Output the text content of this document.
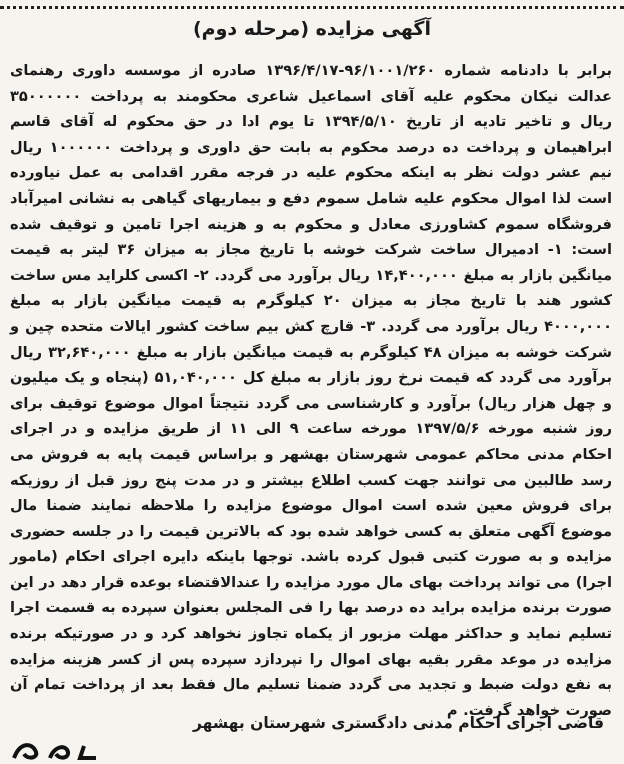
آگهی مزایده (مرحله دوم)
برابر با دادنامه شماره ۹۶/۱۰۰۱/۲۶۰-۱۳۹۶/۴/۱۷ صادره از موسسه داوری رهنمای عدالت نیکان محکوم علیه آقای اسماعیل شاعری محکومند به پرداخت ۳۵۰۰۰۰۰۰ ریال و تاخیر تادیه از تاریخ ۱۳۹۴/۵/۱۰ تا یوم ادا در حق محکوم له آقای قاسم ابراهیمان و پرداخت ده درصد محکوم به بابت حق داوری و پرداخت ۱۰۰۰۰۰۰ ریال نیم عشر دولت نظر به اینکه محکوم علیه در فرجه مقرر اقدامی به عمل نیاورده است لذا اموال محکوم علیه شامل سموم دفع و بیماریهای گیاهی به نشانی امیرآباد فروشگاه سموم کشاورزی معادل و محکوم به و هزینه اجرا تامین و توقیف شده است: ۱- ادمیرال ساخت شرکت خوشه با تاریخ مجاز به میزان ۳۶ لیتر به قیمت میانگین بازار به مبلغ ۱۴,۴۰۰,۰۰۰ ریال برآورد می گردد. ۲- اکسی کلراید مس ساخت کشور هند با تاریخ مجاز به میزان ۲۰ کیلوگرم به قیمت میانگین بازار به مبلغ ۴۰۰۰,۰۰۰ ریال برآورد می گردد. ۳- قارچ کش بیم ساخت کشور ایالات متحده چین و شرکت خوشه به میزان ۴۸ کیلوگرم به قیمت میانگین بازار به مبلغ ۳۲,۶۴۰,۰۰۰ ریال برآورد می گردد که قیمت نرخ روز بازار به مبلغ کل ۵۱,۰۴۰,۰۰۰ (پنجاه و یک میلیون و چهل هزار ریال) برآورد و کارشناسی می گردد نتیجتاً اموال موضوع توقیف برای روز شنبه مورخه ۱۳۹۷/۵/۶ مورخه ساعت ۹ الی ۱۱ از طریق مزایده و در اجرای احکام مدنی محاکم عمومی شهرستان بهشهر و براساس قیمت پایه به فروش می رسد طالبین می توانند جهت کسب اطلاع بیشتر و در مدت پنج روز قبل از روزیکه برای فروش معین شده است اموال موضوع مزایده را ملاحظه نمایند ضمنا مال موضوع آگهی متعلق به کسی خواهد شده بود که بالاترین قیمت را در جلسه حضوری مزایده و به صورت کتبی قبول کرده باشد. توجها باینکه دایره اجرای احکام (مامور اجرا) می تواند پرداخت بهای مال مورد مزایده را عندالاقتضاء بوعده قرار دهد در این صورت برنده مزایده براید ده درصد بها را فی المجلس بعنوان سپرده به قسمت اجرا تسلیم نماید و حداکثر مهلت مزبور از یکماه تجاوز نخواهد کرد و در صورتیکه برنده مزایده در موعد مقرر بقیه بهای اموال را نپردازد سپرده پس از کسر هزینه مزایده به نفع دولت ضبط و تجدید می گردد ضمنا تسلیم مال فقط بعد از پرداخت تمام آن صورت خواهد گرفت. م
قاضی اجرای احکام مدنی دادگستری شهرستان بهشهر
